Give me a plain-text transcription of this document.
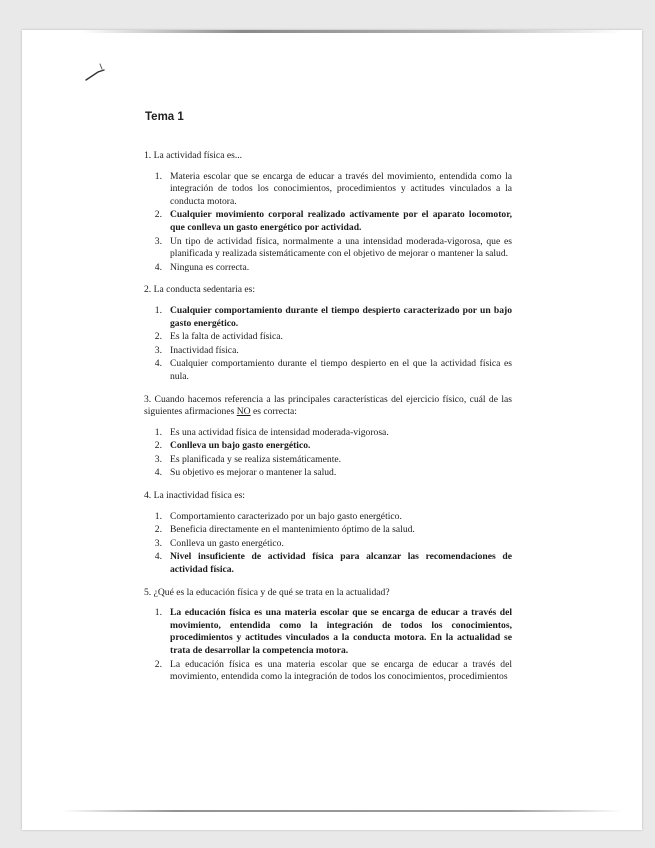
Tema 1
1. La actividad física es...
1. Materia escolar que se encarga de educar a través del movimiento, entendida como la integración de todos los conocimientos, procedimientos y actitudes vinculados a la conducta motora.
2. Cualquier movimiento corporal realizado activamente por el aparato locomotor, que conlleva un gasto energético por actividad.
3. Un tipo de actividad física, normalmente a una intensidad moderada-vigorosa, que es planificada y realizada sistemáticamente con el objetivo de mejorar o mantener la salud.
4. Ninguna es correcta.
2. La conducta sedentaria es:
1. Cualquier comportamiento durante el tiempo despierto caracterizado por un bajo gasto energético.
2. Es la falta de actividad física.
3. Inactividad física.
4. Cualquier comportamiento durante el tiempo despierto en el que la actividad física es nula.
3. Cuando hacemos referencia a las principales características del ejercicio físico, cuál de las siguientes afirmaciones NO es correcta:
1. Es una actividad física de intensidad moderada-vigorosa.
2. Conlleva un bajo gasto energético.
3. Es planificada y se realiza sistemáticamente.
4. Su objetivo es mejorar o mantener la salud.
4. La inactividad física es:
1. Comportamiento caracterizado por un bajo gasto energético.
2. Beneficia directamente en el mantenimiento óptimo de la salud.
3. Conlleva un gasto energético.
4. Nivel insuficiente de actividad física para alcanzar las recomendaciones de actividad física.
5. ¿Qué es la educación física y de qué se trata en la actualidad?
1. La educación física es una materia escolar que se encarga de educar a través del movimiento, entendida como la integración de todos los conocimientos, procedimientos y actitudes vinculados a la conducta motora. En la actualidad se trata de desarrollar la competencia motora.
2. La educación física es una materia escolar que se encarga de educar a través del movimiento, entendida como la integración de todos los conocimientos, procedimientos
